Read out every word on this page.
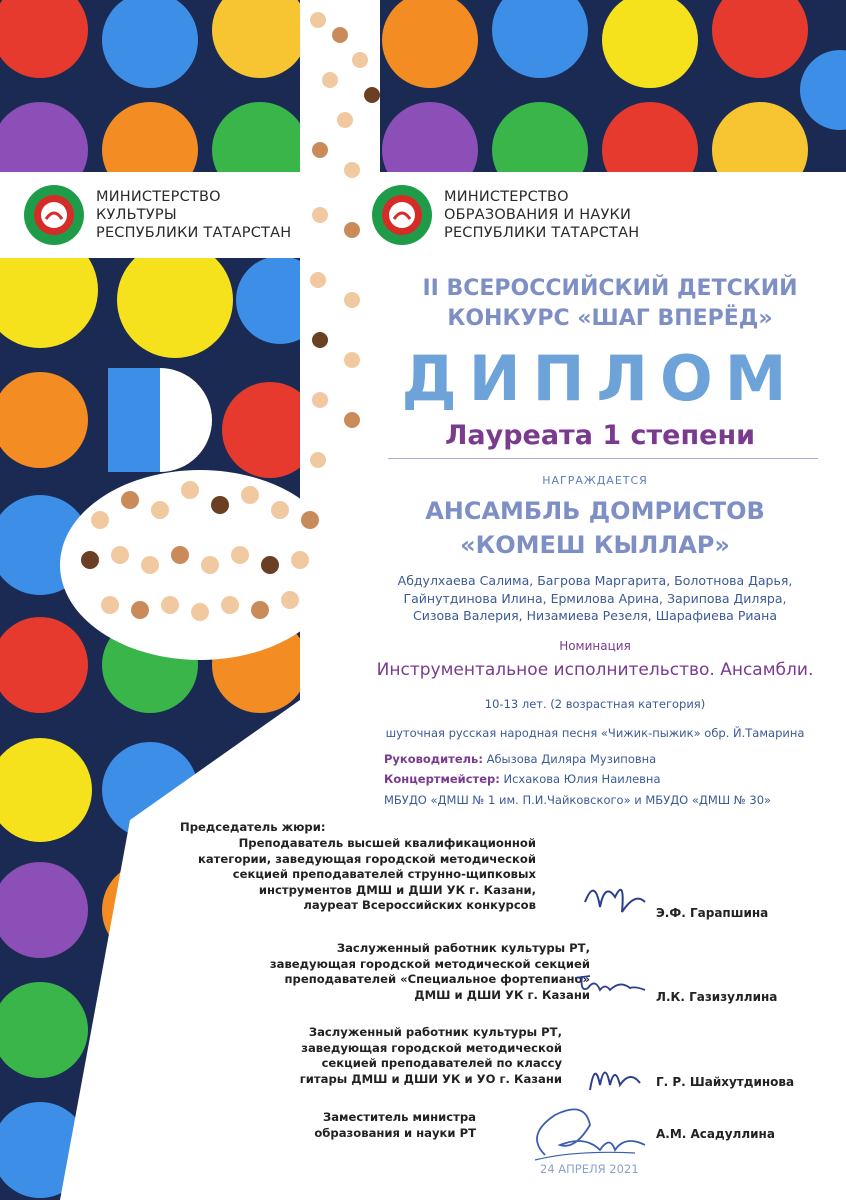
МИНИСТЕРСТВО
КУЛЬТУРЫ
РЕСПУБЛИКИ ТАТАРСТАН
МИНИСТЕРСТВО
ОБРАЗОВАНИЯ И НАУКИ
РЕСПУБЛИКИ ТАТАРСТАН
II ВСЕРОССИЙСКИЙ ДЕТСКИЙ
КОНКУРС «ШАГ ВПЕРЁД»
ДИПЛОМ
Лауреата 1 степени
НАГРАЖДАЕТСЯ
АНСАМБЛЬ ДОМРИСТОВ
«КОМЕШ КЫЛЛАР»
Абдулхаева Салима, Багрова Маргарита, Болотнова Дарья,
Гайнутдинова Илина, Ермилова Арина, Зарипова Диляра,
Сизова Валерия, Низамиева Резеля, Шарафиева Риана
Номинация
Инструментальное исполнительство. Ансамбли.
10-13 лет. (2 возрастная категория)
шуточная русская народная песня «Чижик-пыжик» обр. Й.Тамарина
Руководитель: Абызова Диляра Музиповна
Концертмейстер: Исхакова Юлия Наилевна
МБУДО «ДМШ № 1 им. П.И.Чайковского» и МБУДО «ДМШ № 30»
Председатель жюри:
Преподаватель высшей квалификационной
категории, заведующая городской методической
секцией преподавателей струнно-щипковых
инструментов ДМШ и ДШИ УК г. Казани,
лауреат Всероссийских конкурсов
Э.Ф. Гарапшина
Заслуженный работник культуры РТ,
заведующая городской методической секцией
преподавателей «Специальное фортепиано»
ДМШ и ДШИ УК г. Казани	Л.К. Газизуллина
Заслуженный работник культуры РТ,
заведующая городской методической
секцией преподавателей по классу
гитары ДМШ и ДШИ УК и УО г. Казани	Г. Р. Шайхутдинова
Заместитель министра
образования и науки РТ	А.М. Асадуллина
24 АПРЕЛЯ 2021
